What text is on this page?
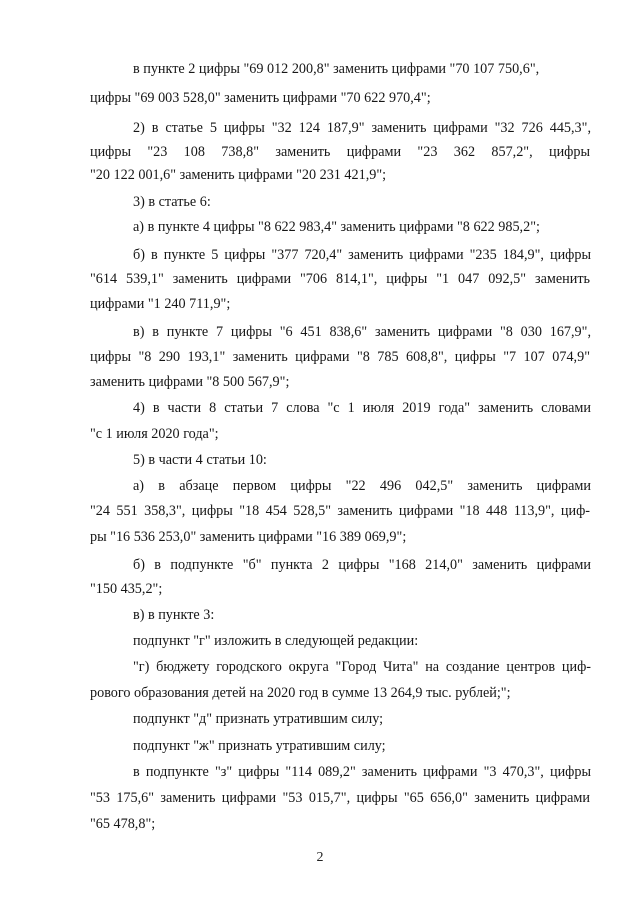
в пункте 2 цифры "69 012 200,8" заменить цифрами "70 107 750,6",
цифры "69 003 528,0" заменить цифрами "70 622 970,4";
2) в статье 5 цифры "32 124 187,9" заменить цифрами "32 726 445,3",
цифры "23 108 738,8" заменить цифрами "23 362 857,2", цифры
"20 122 001,6" заменить цифрами "20 231 421,9";
3) в статье 6:
а) в пункте 4 цифры "8 622 983,4" заменить цифрами "8 622 985,2";
б) в пункте 5 цифры "377 720,4" заменить цифрами "235 184,9", цифры
"614 539,1" заменить цифрами "706 814,1", цифры "1 047 092,5" заменить
цифрами "1 240 711,9";
в) в пункте 7 цифры "6 451 838,6" заменить цифрами "8 030 167,9",
цифры "8 290 193,1" заменить цифрами "8 785 608,8", цифры "7 107 074,9"
заменить цифрами "8 500 567,9";
4) в части 8 статьи 7 слова "с 1 июля 2019 года" заменить словами
"с 1 июля 2020 года";
5) в части 4 статьи 10:
а) в абзаце первом цифры "22 496 042,5" заменить цифрами
"24 551 358,3", цифры "18 454 528,5" заменить цифрами "18 448 113,9", циф-
ры "16 536 253,0" заменить цифрами "16 389 069,9";
б) в подпункте "б" пункта 2 цифры "168 214,0" заменить цифрами
"150 435,2";
в) в пункте 3:
подпункт "г" изложить в следующей редакции:
"г) бюджету городского округа "Город Чита" на создание центров циф-
рового образования детей на 2020 год в сумме 13 264,9 тыс. рублей;";
подпункт "д" признать утратившим силу;
подпункт "ж" признать утратившим силу;
в подпункте "з" цифры "114 089,2" заменить цифрами "3 470,3", цифры
"53 175,6" заменить цифрами "53 015,7", цифры "65 656,0" заменить цифрами
"65 478,8";
2
